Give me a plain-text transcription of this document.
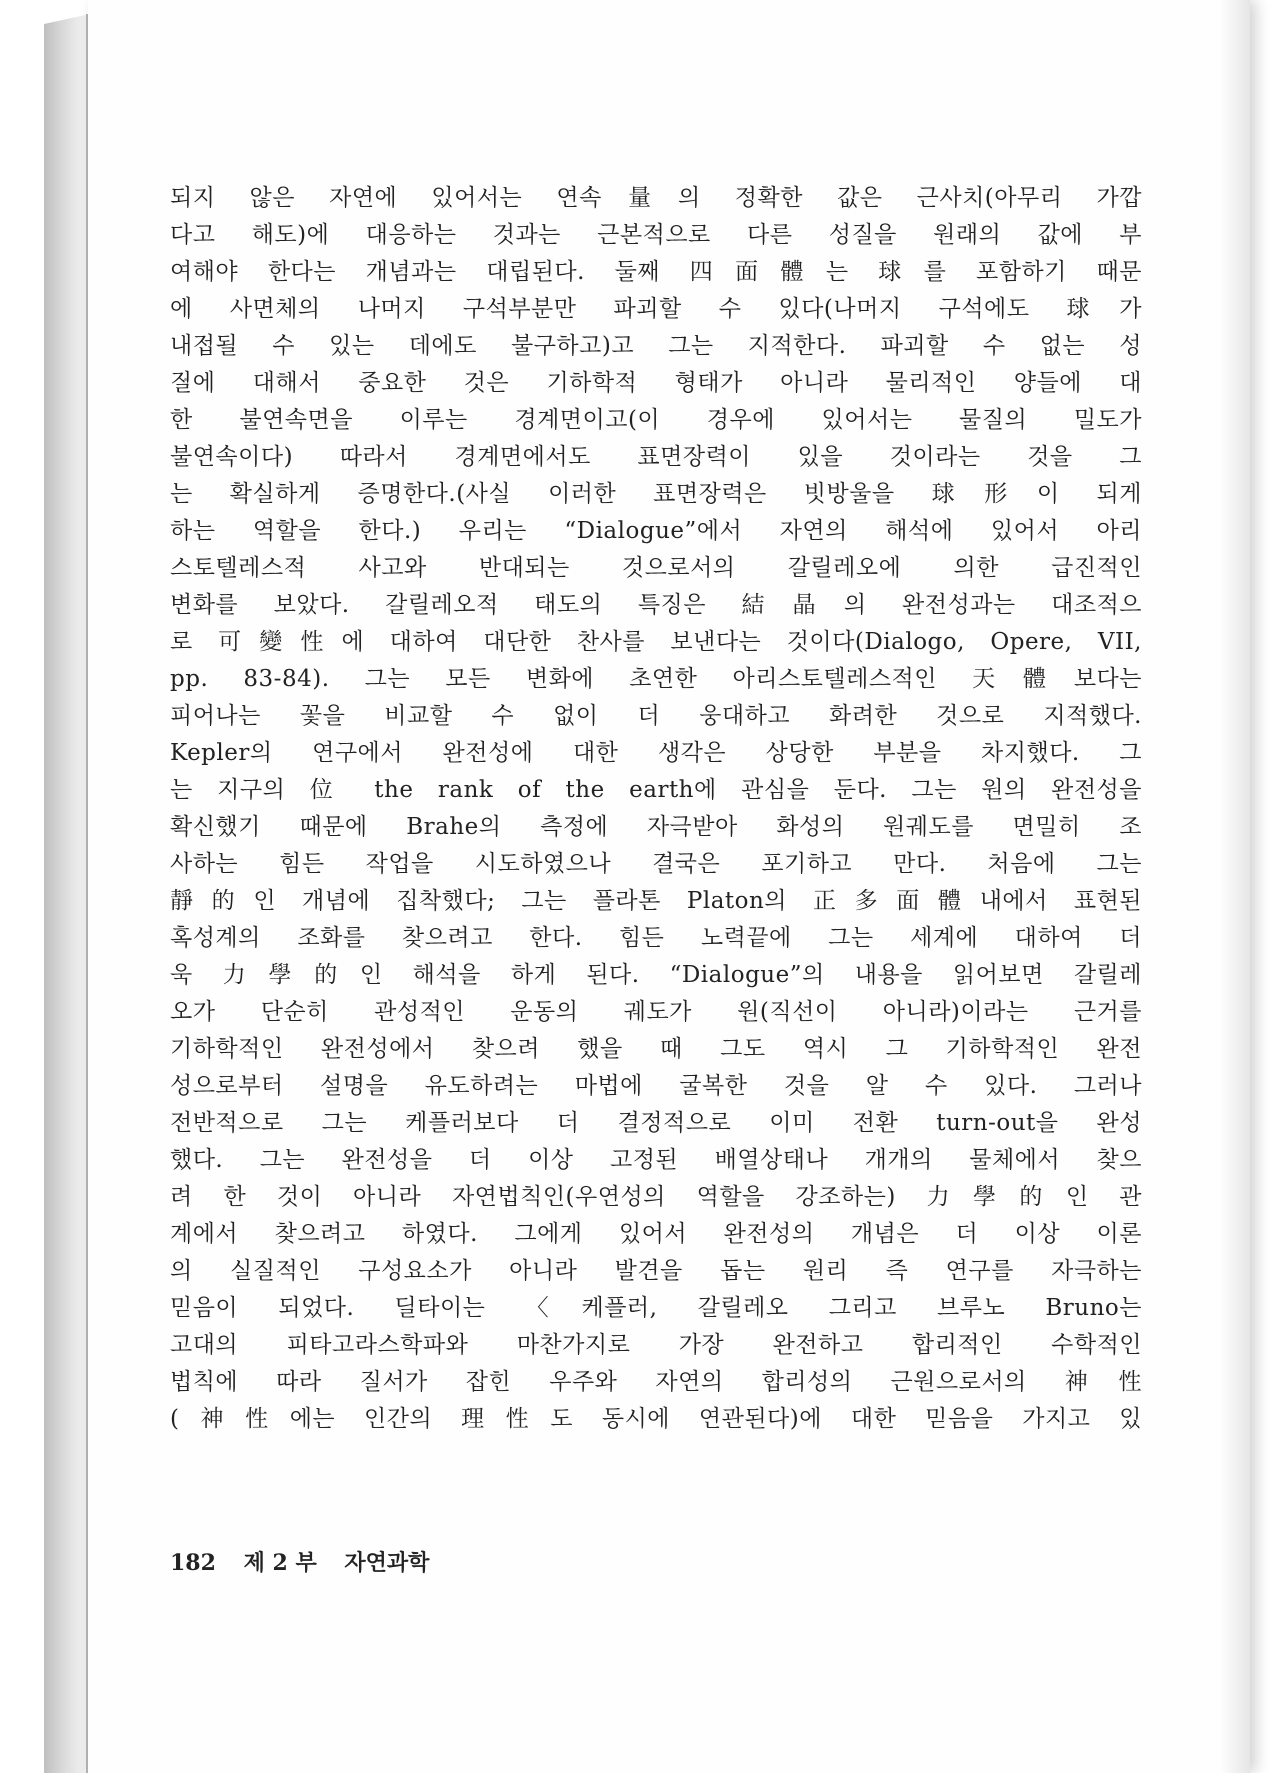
되지 않은 자연에 있어서는 연속量의 정확한 값은 근사치(아무리 가깝
다고 해도)에 대응하는 것과는 근본적으로 다른 성질을 원래의 값에 부
여해야 한다는 개념과는 대립된다. 둘째 四面體는 球를 포함하기 때문
에 사면체의 나머지 구석부분만 파괴할 수 있다(나머지 구석에도 球가
내접될 수 있는 데에도 불구하고)고 그는 지적한다. 파괴할 수 없는 성
질에 대해서 중요한 것은 기하학적 형태가 아니라 물리적인 양들에 대
한 불연속면을 이루는 경계면이고(이 경우에 있어서는 물질의 밀도가
불연속이다) 따라서 경계면에서도 표면장력이 있을 것이라는 것을 그
는 확실하게 증명한다.(사실 이러한 표면장력은 빗방울을 球形이 되게
하는 역할을 한다.) 우리는 “Dialogue”에서 자연의 해석에 있어서 아리
스토텔레스적 사고와 반대되는 것으로서의 갈릴레오에 의한 급진적인
변화를 보았다. 갈릴레오적 태도의 특징은 結晶의 완전성과는 대조적으
로 可變性에 대하여 대단한 찬사를 보낸다는 것이다(Dialogo, Opere, VII,
pp. 83-84). 그는 모든 변화에 초연한 아리스토텔레스적인 天體보다는
피어나는 꽃을 비교할 수 없이 더 웅대하고 화려한 것으로 지적했다.
Kepler의 연구에서 완전성에 대한 생각은 상당한 부분을 차지했다. 그
는 지구의 位 the rank of the earth에 관심을 둔다. 그는 원의 완전성을
확신했기 때문에 Brahe의 측정에 자극받아 화성의 원궤도를 면밀히 조
사하는 힘든 작업을 시도하였으나 결국은 포기하고 만다. 처음에 그는
靜的인 개념에 집착했다; 그는 플라톤 Platon의 正多面體내에서 표현된
혹성계의 조화를 찾으려고 한다. 힘든 노력끝에 그는 세계에 대하여 더
욱 力學的인 해석을 하게 된다. “Dialogue”의 내용을 읽어보면 갈릴레
오가 단순히 관성적인 운동의 궤도가 원(직선이 아니라)이라는 근거를
기하학적인 완전성에서 찾으려 했을 때 그도 역시 그 기하학적인 완전
성으로부터 설명을 유도하려는 마법에 굴복한 것을 알 수 있다. 그러나
전반적으로 그는 케플러보다 더 결정적으로 이미 전환 turn-out을 완성
했다. 그는 완전성을 더 이상 고정된 배열상태나 개개의 물체에서 찾으
려 한 것이 아니라 자연법칙인(우연성의 역할을 강조하는) 力學的인 관
계에서 찾으려고 하였다. 그에게 있어서 완전성의 개념은 더 이상 이론
의 실질적인 구성요소가 아니라 발견을 돕는 원리 즉 연구를 자극하는
믿음이 되었다. 딜타이는 〈케플러, 갈릴레오 그리고 브루노 Bruno는
고대의 피타고라스학파와 마찬가지로 가장 완전하고 합리적인 수학적인
법칙에 따라 질서가 잡힌 우주와 자연의 합리성의 근원으로서의 神性
(神性에는 인간의 理性도 동시에 연관된다)에 대한 믿음을 가지고 있
182 제 2 부 자연과학
